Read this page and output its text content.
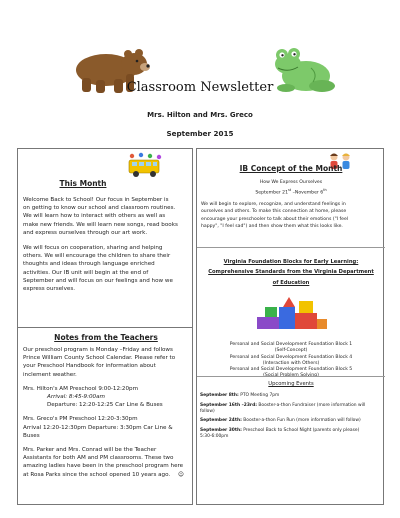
Classroom Newsletter
Mrs. Hilton and Mrs. Greco
September 2015
This Month
Welcome Back to School! Our focus in September is
on getting to know our school and classroom routines.
We will learn how to interact with others as well as
make new friends. We will learn new songs, read books
and express ourselves through our art work.
We will focus on cooperation, sharing and helping
others. We will encourage the children to share their
thoughts and ideas through language enriched
activities. Our IB unit will begin at the end of
September and will focus on our feelings and how we
express ourselves.
Notes from the Teachers
Our preschool program is Monday –Friday and follows
Prince William County School Calendar. Please refer to
your Preschool Handbook for information about
inclement weather.
Mrs. Hilton's AM Preschool 9:00-12:20pm
Arrival: 8:45-9:00am
Departure: 12:20-12:25 Car Line & Buses
Mrs. Greco's PM Preschool 12:20-3:30pm
Arrival 12:20-12:30pm Departure: 3:30pm Car Line &
Buses
Mrs. Parker and Mrs. Conrad will be the Teacher
Assistants for both AM and PM classrooms. These two
amazing ladies have been in the preschool program here
at Rosa Parks since the school opened 10 years ago. ☺
IB Concept of the Month
How We Express Ourselves
September 21st –November 6th
We will begin to explore, recognize, and understand feelings in
ourselves and others. To make this connection at home, please
encourage your preschooler to talk about their emotions ("I feel
happy", "I feel sad") and then show them what this looks like.
Virginia Foundation Blocks for Early Learning:
Comprehensive Standards from the Virginia Department
of Education
Personal and Social Development Foundation Block 1
(Self-Concept)
Personal and Social Development Foundation Block 4
(Interaction with Others)
Personal and Social Development Foundation Block 5
Upcoming Events
September 8th: PTO Meeting 7pm
September 16th –23rd: Booster-a-thon Fundraiser (more information will
follow)
September 24th: Booster-a-thon Fun Run (more information will follow)
September 30th: Preschool Back to School Night (parents only please)
5:30-6:00pm
